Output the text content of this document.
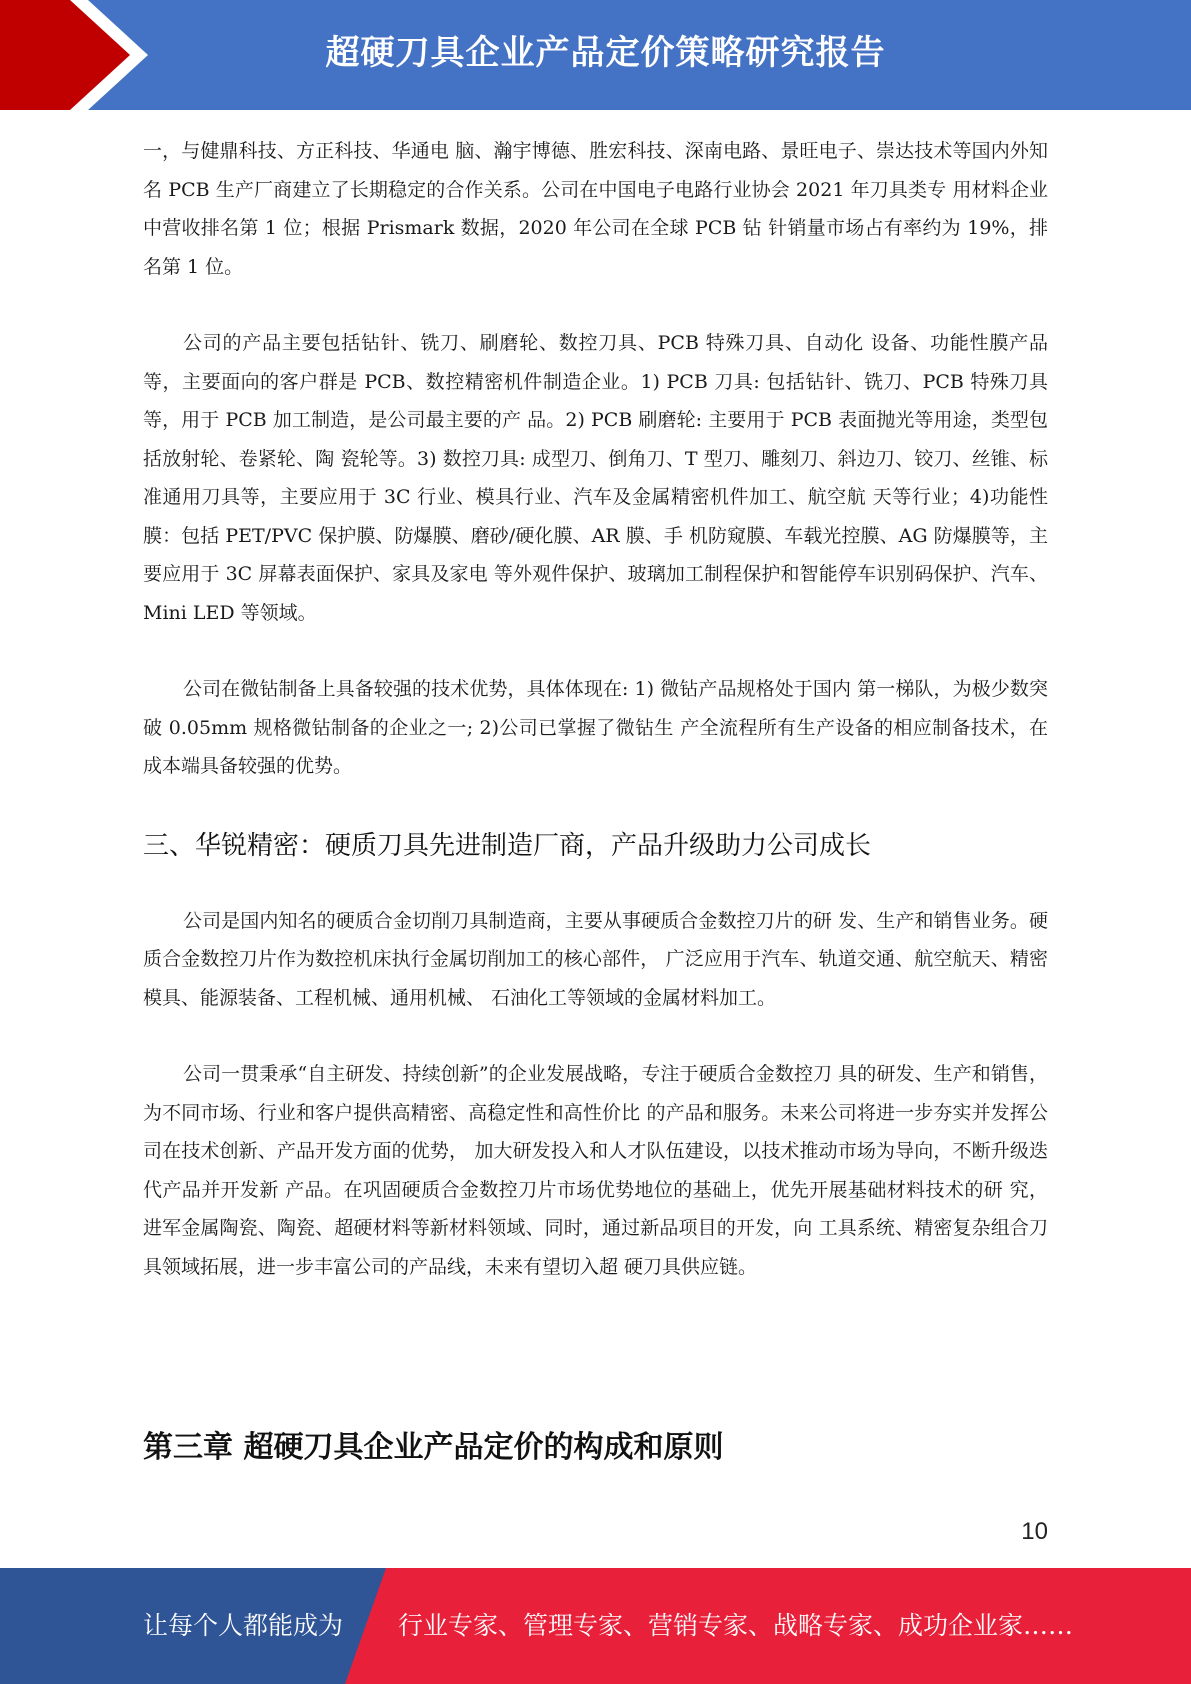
超硬刀具企业产品定价策略研究报告

一，与健鼎科技、方正科技、华通电 脑、瀚宇博德、胜宏科技、深南电路、景旺电子、崇达技术等国内外知名 PCB 生产厂商建立了长期稳定的合作关系。公司在中国电子电路行业协会 2021 年刀具类专 用材料企业中营收排名第 1 位；根据 Prismark 数据，2020 年公司在全球 PCB 钻 针销量市场占有率约为 19%，排名第 1 位。

公司的产品主要包括钻针、铣刀、刷磨轮、数控刀具、PCB 特殊刀具、自动化 设备、功能性膜产品等，主要面向的客户群是 PCB、数控精密机件制造企业。1) PCB 刀具: 包括钻针、铣刀、PCB 特殊刀具等，用于 PCB 加工制造，是公司最主要的产 品。2) PCB 刷磨轮: 主要用于 PCB 表面抛光等用途，类型包括放射轮、卷紧轮、陶 瓷轮等。3) 数控刀具: 成型刀、倒角刀、T 型刀、雕刻刀、斜边刀、铰刀、丝锥、标 准通用刀具等，主要应用于 3C 行业、模具行业、汽车及金属精密机件加工、航空航 天等行业；4)功能性膜：包括 PET/PVC 保护膜、防爆膜、磨砂/硬化膜、AR 膜、手 机防窥膜、车载光控膜、AG 防爆膜等，主要应用于 3C 屏幕表面保护、家具及家电 等外观件保护、玻璃加工制程保护和智能停车识别码保护、汽车、Mini LED 等领域。

公司在微钻制备上具备较强的技术优势，具体体现在: 1) 微钻产品规格处于国内 第一梯队，为极少数突破 0.05mm 规格微钻制备的企业之一; 2)公司已掌握了微钻生 产全流程所有生产设备的相应制备技术，在成本端具备较强的优势。

三、华锐精密：硬质刀具先进制造厂商，产品升级助力公司成长

公司是国内知名的硬质合金切削刀具制造商，主要从事硬质合金数控刀片的研 发、生产和销售业务。硬质合金数控刀片作为数控机床执行金属切削加工的核心部件， 广泛应用于汽车、轨道交通、航空航天、精密模具、能源装备、工程机械、通用机械、 石油化工等领域的金属材料加工。

公司一贯秉承“自主研发、持续创新”的企业发展战略，专注于硬质合金数控刀 具的研发、生产和销售，为不同市场、行业和客户提供高精密、高稳定性和高性价比 的产品和服务。未来公司将进一步夯实并发挥公司在技术创新、产品开发方面的优势， 加大研发投入和人才队伍建设，以技术推动市场为导向，不断升级迭代产品并开发新 产品。在巩固硬质合金数控刀片市场优势地位的基础上，优先开展基础材料技术的研 究，进军金属陶瓷、陶瓷、超硬材料等新材料领域、同时，通过新品项目的开发，向 工具系统、精密复杂组合刀具领域拓展，进一步丰富公司的产品线，未来有望切入超 硬刀具供应链。

第三章 超硬刀具企业产品定价的构成和原则
10
让每个人都能成为 行业专家、管理专家、营销专家、战略专家、成功企业家……
